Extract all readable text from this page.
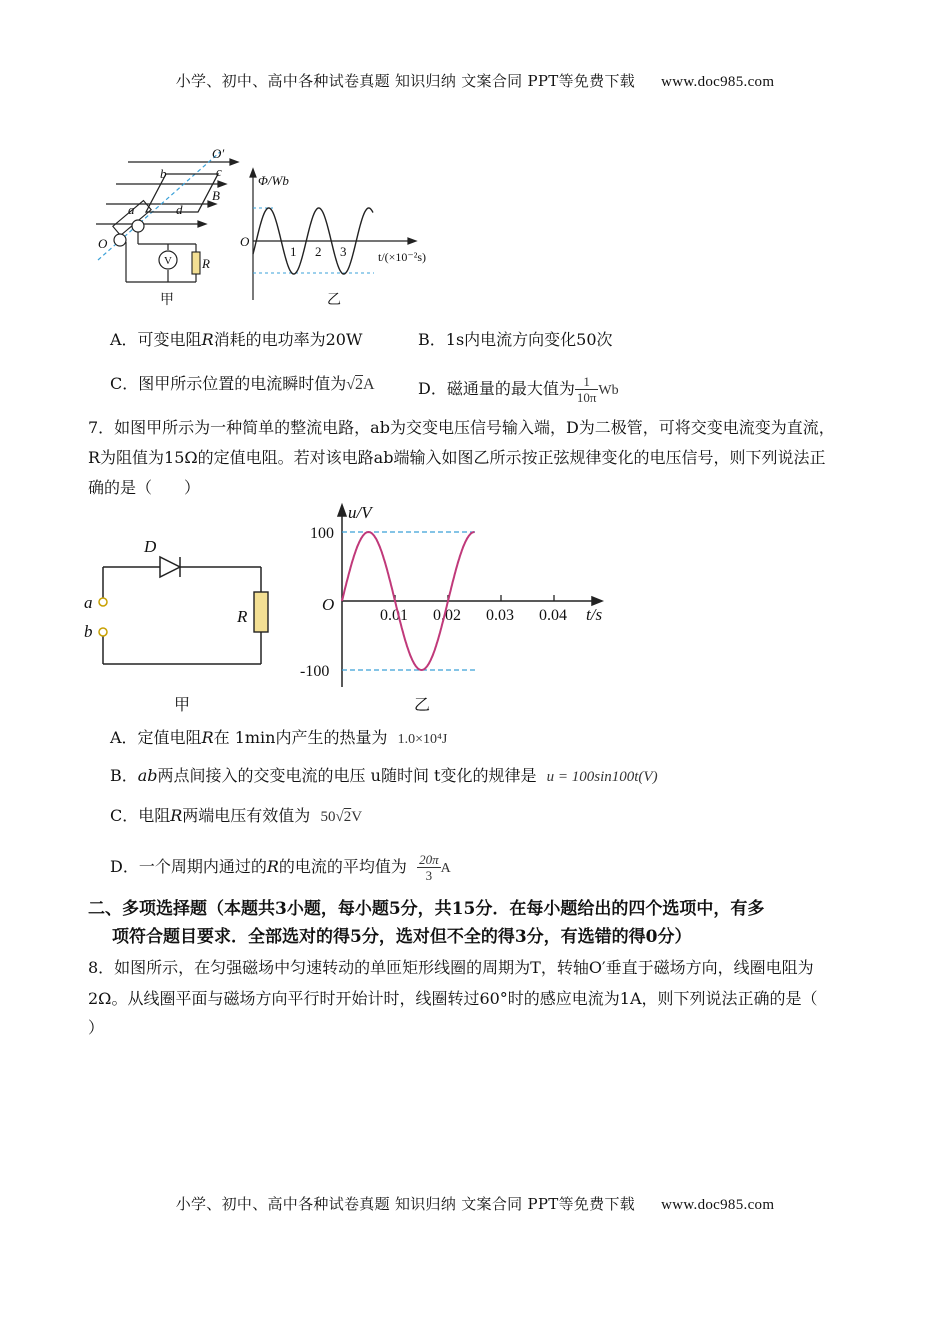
小学、初中、高中各种试卷真题 知识归纳 文案合同 PPT等免费下载 www.doc985.com
O′
b	c
B
a	d
O
R
V
甲
Φ/Wb
O
1 2 3	t/(×10⁻²s)
乙
A．可变电阻R消耗的电功率为20W	B．1s内电流方向变化50次
C．图甲所示位置的电流瞬时值为√2A	D．磁通量的最大值为 $\frac{1}{10\pi}$ Wb
7．如图甲所示为一种简单的整流电路，ab为交变电压信号输入端，D为二极管，可将交变电流变为直流，
R为阻值为15Ω的定值电阻。若对该电路ab端输入如图乙所示按正弦规律变化的电压信号，则下列说法正
确的是（　　）
D
a
b
R
甲
0.01 0.02 0.03 0.04
100
-100
u/V
O
t/s
乙
A．定值电阻R在 1min内产生的热量为 1.0×10⁴J
B．ab两点间接入的交变电流的电压 u随时间 t变化的规律是 u = 100sin100t(V)
C．电阻R两端电压有效值为 50√2V
D．一个周期内通过的R的电流的平均值为 $\frac{20\pi}{3}$ A
二、多项选择题（本题共3小题，每小题5分，共15分．在每小题给出的四个选项中，有多
项符合题目要求．全部选对的得5分，选对但不全的得3分，有选错的得0分）
8．如图所示，在匀强磁场中匀速转动的单匝矩形线圈的周期为T，转轴O′垂直于磁场方向，线圈电阻为
2Ω。从线圈平面与磁场方向平行时开始计时，线圈转过60°时的感应电流为1A，则下列说法正确的是（
）
小学、初中、高中各种试卷真题 知识归纳 文案合同 PPT等免费下载 www.doc985.com
